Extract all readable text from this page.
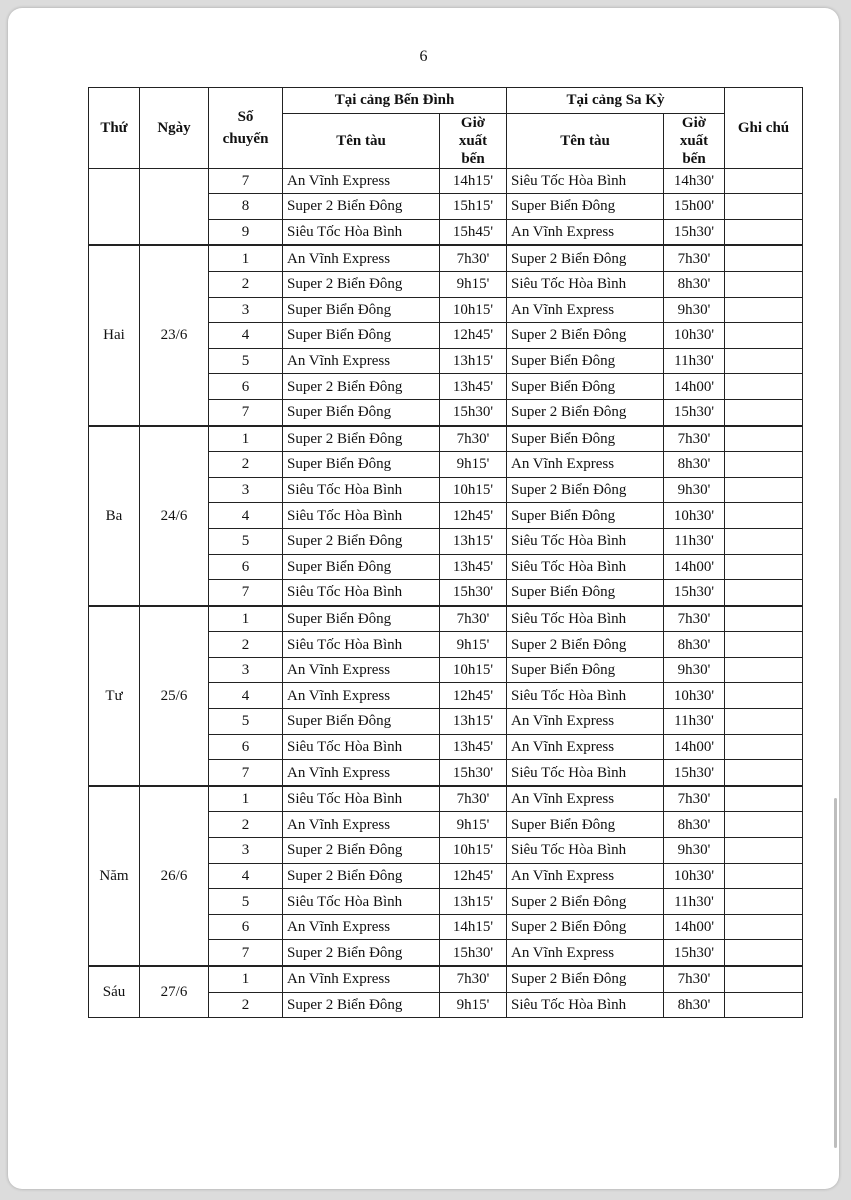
6
Thứ	Ngày	Số chuyến	Tại cảng Bến Đình		Tại cảng Sa Kỳ		Ghi chú
			Tên tàu	Giờ xuất bến	Tên tàu	Giờ xuất bến	
		7	An Vĩnh Express	14h15'	Siêu Tốc Hòa Bình	14h30'	
		8	Super 2 Biển Đông	15h15'	Super Biển Đông	15h00'	
		9	Siêu Tốc Hòa Bình	15h45'	An Vĩnh Express	15h30'	
Hai	23/6	1	An Vĩnh Express	7h30'	Super 2 Biển Đông	7h30'	
		2	Super 2 Biển Đông	9h15'	Siêu Tốc Hòa Bình	8h30'	
		3	Super Biển Đông	10h15'	An Vĩnh Express	9h30'	
		4	Super Biển Đông	12h45'	Super 2 Biển Đông	10h30'	
		5	An Vĩnh Express	13h15'	Super Biển Đông	11h30'	
		6	Super 2 Biển Đông	13h45'	Super Biển Đông	14h00'	
		7	Super Biển Đông	15h30'	Super 2 Biển Đông	15h30'	
Ba	24/6	1	Super 2 Biển Đông	7h30'	Super Biển Đông	7h30'	
		2	Super Biển Đông	9h15'	An Vĩnh Express	8h30'	
		3	Siêu Tốc Hòa Bình	10h15'	Super 2 Biển Đông	9h30'	
		4	Siêu Tốc Hòa Bình	12h45'	Super Biển Đông	10h30'	
		5	Super 2 Biển Đông	13h15'	Siêu Tốc Hòa Bình	11h30'	
		6	Super Biển Đông	13h45'	Siêu Tốc Hòa Bình	14h00'	
		7	Siêu Tốc Hòa Bình	15h30'	Super Biển Đông	15h30'	
Tư	25/6	1	Super Biển Đông	7h30'	Siêu Tốc Hòa Bình	7h30'	
		2	Siêu Tốc Hòa Bình	9h15'	Super 2 Biển Đông	8h30'	
		3	An Vĩnh Express	10h15'	Super Biển Đông	9h30'	
		4	An Vĩnh Express	12h45'	Siêu Tốc Hòa Bình	10h30'	
		5	Super Biển Đông	13h15'	An Vĩnh Express	11h30'	
		6	Siêu Tốc Hòa Bình	13h45'	An Vĩnh Express	14h00'	
		7	An Vĩnh Express	15h30'	Siêu Tốc Hòa Bình	15h30'	
Năm	26/6	1	Siêu Tốc Hòa Bình	7h30'	An Vĩnh Express	7h30'	
		2	An Vĩnh Express	9h15'	Super Biển Đông	8h30'	
		3	Super 2 Biển Đông	10h15'	Siêu Tốc Hòa Bình	9h30'	
		4	Super 2 Biển Đông	12h45'	An Vĩnh Express	10h30'	
		5	Siêu Tốc Hòa Bình	13h15'	Super 2 Biển Đông	11h30'	
		6	An Vĩnh Express	14h15'	Super 2 Biển Đông	14h00'	
		7	Super 2 Biển Đông	15h30'	An Vĩnh Express	15h30'	
Sáu	27/6	1	An Vĩnh Express	7h30'	Super 2 Biển Đông	7h30'	
		2	Super 2 Biển Đông	9h15'	Siêu Tốc Hòa Bình	8h30'	
